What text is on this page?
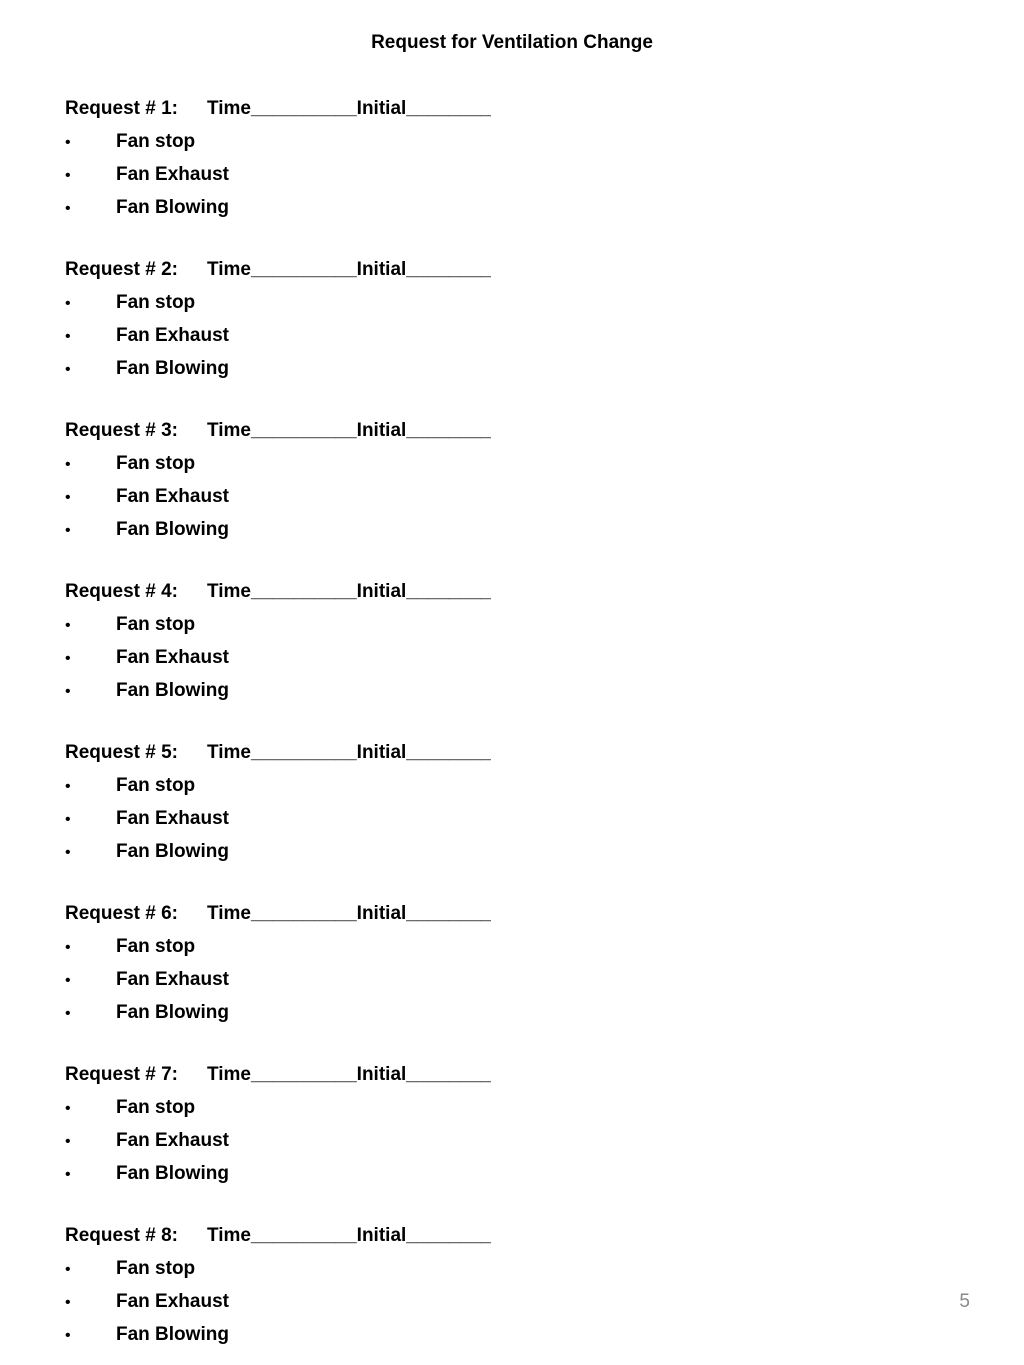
Request for Ventilation Change
Request # 1: Time__________Initial________
• Fan stop
• Fan Exhaust
• Fan Blowing
Request # 2: Time__________Initial________
• Fan stop
• Fan Exhaust
• Fan Blowing
Request # 3: Time__________Initial________
• Fan stop
• Fan Exhaust
• Fan Blowing
Request # 4: Time__________Initial________
• Fan stop
• Fan Exhaust
• Fan Blowing
Request # 5: Time__________Initial________
• Fan stop
• Fan Exhaust
• Fan Blowing
Request # 6: Time__________Initial________
• Fan stop
• Fan Exhaust
• Fan Blowing
Request # 7: Time__________Initial________
• Fan stop
• Fan Exhaust
• Fan Blowing
Request # 8: Time__________Initial________
• Fan stop
• Fan Exhaust
• Fan Blowing
5
